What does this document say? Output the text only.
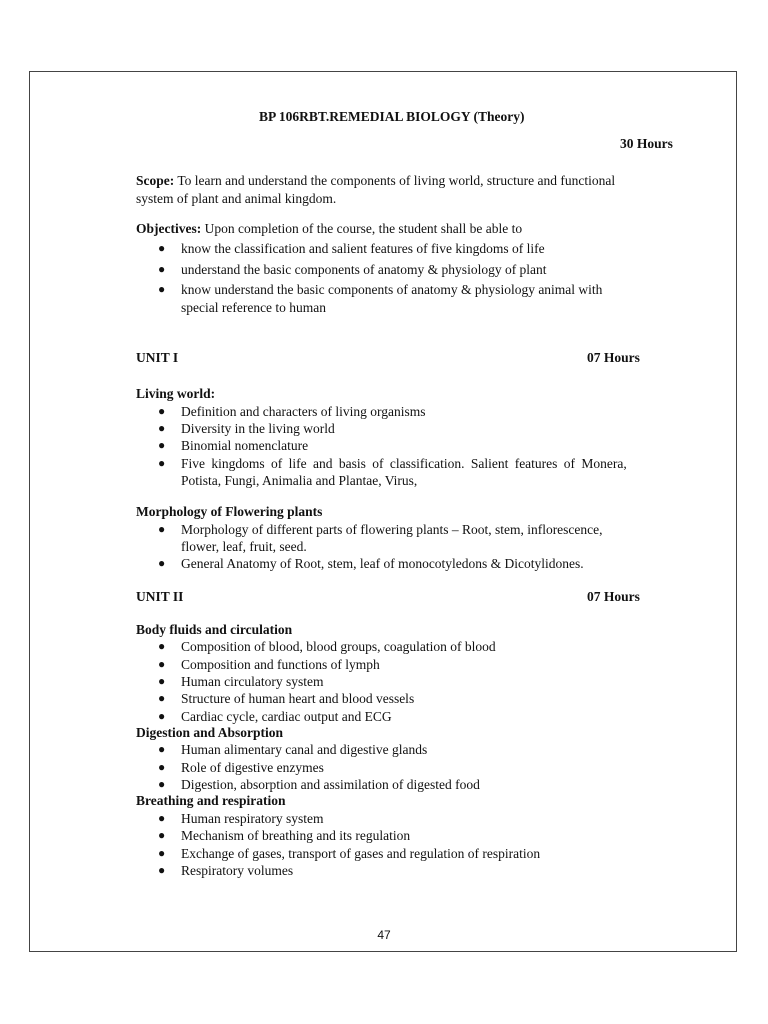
BP 106RBT.REMEDIAL BIOLOGY (Theory)
30 Hours
Scope: To learn and understand the components of living world, structure and functional
system of plant and animal kingdom.
Objectives: Upon completion of the course, the student shall be able to
● know the classification and salient features of five kingdoms of life
● understand the basic components of anatomy & physiology of plant
● know understand the basic components of anatomy & physiology animal with
special reference to human
UNIT I	07 Hours
Living world:
● Definition and characters of living organisms
● Diversity in the living world
● Binomial nomenclature
● Five kingdoms of life and basis of classification. Salient features of Monera,
Potista, Fungi, Animalia and Plantae, Virus,
Morphology of Flowering plants
● Morphology of different parts of flowering plants – Root, stem, inflorescence,
flower, leaf, fruit, seed.
● General Anatomy of Root, stem, leaf of monocotyledons & Dicotylidones.
UNIT II	07 Hours
Body fluids and circulation
● Composition of blood, blood groups, coagulation of blood
● Composition and functions of lymph
● Human circulatory system
● Structure of human heart and blood vessels
● Cardiac cycle, cardiac output and ECG
Digestion and Absorption
● Human alimentary canal and digestive glands
● Role of digestive enzymes
● Digestion, absorption and assimilation of digested food
Breathing and respiration
● Human respiratory system
● Mechanism of breathing and its regulation
● Exchange of gases, transport of gases and regulation of respiration
● Respiratory volumes
47
